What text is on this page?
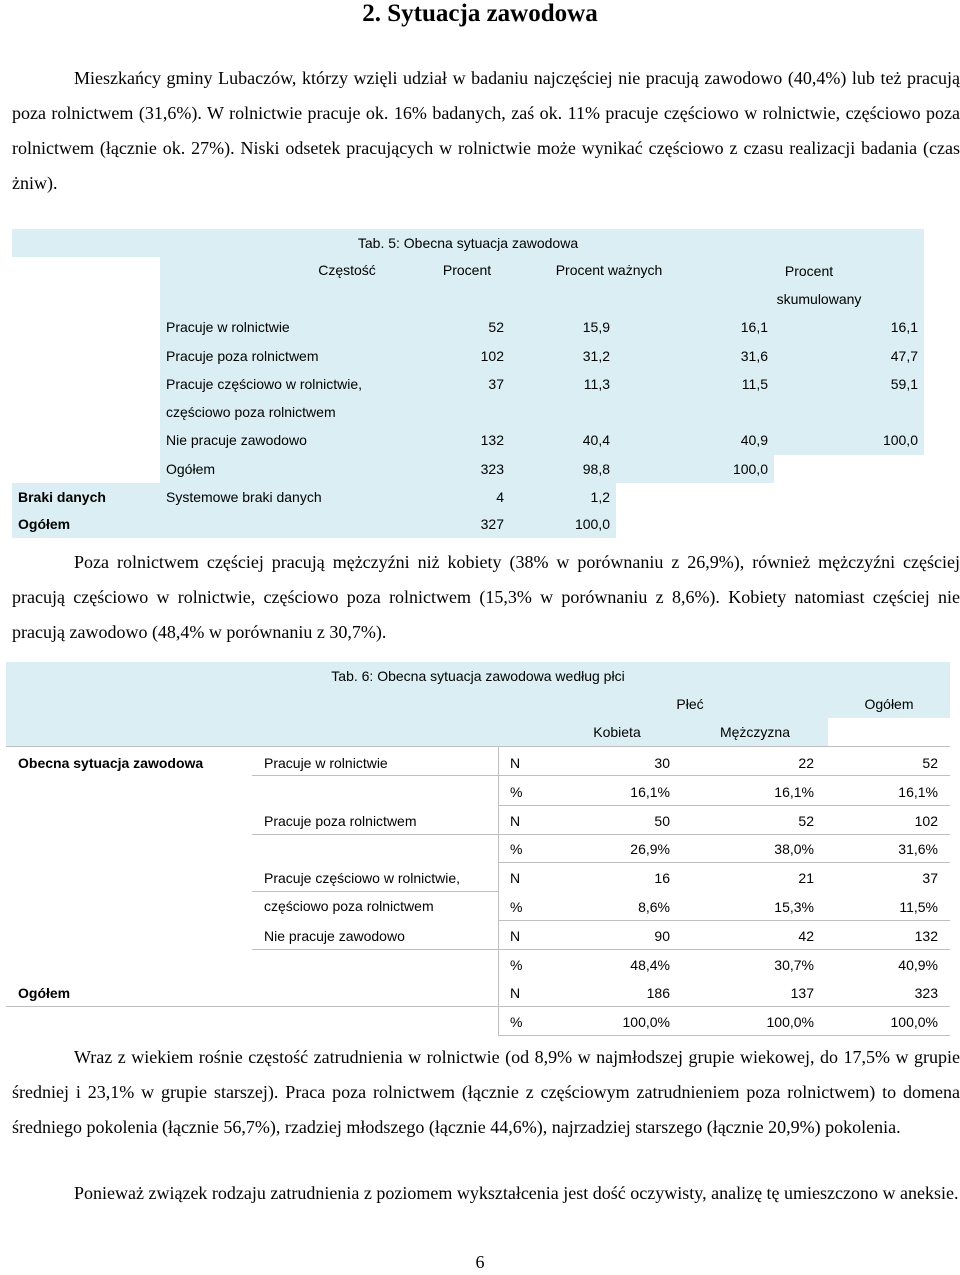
2. Sytuacja zawodowa

Mieszkańcy gminy Lubaczów, którzy wzięli udział w badaniu najczęściej nie pracują zawodowo (40,4%) lub też pracują poza rolnictwem (31,6%). W rolnictwie pracuje ok. 16% badanych, zaś ok. 11% pracuje częściowo w rolnictwie, częściowo poza rolnictwem (łącznie ok. 27%). Niski odsetek pracujących w rolnictwie może wynikać częściowo z czasu realizacji badania (czas żniw).

Tab. 5: Obecna sytuacja zawodowa
Częstość	Procent	Procent ważnych	Procent
skumulowany
Pracuje w rolnictwie	52	15,9	16,1	16,1
Pracuje poza rolnictwem	102	31,2	31,6	47,7
Pracuje częściowo w rolnictwie,
częściowo poza rolnictwem
37	11,3	11,5	59,1
Nie pracuje zawodowo	132	40,4	40,9	100,0
Ogółem	323	98,8	100,0
Braki danych	Systemowe braki danych	4	1,2
Ogółem	327	100,0

Poza rolnictwem częściej pracują mężczyźni niż kobiety (38% w porównaniu z 26,9%), również mężczyźni częściej pracują częściowo w rolnictwie, częściowo poza rolnictwem (15,3% w porównaniu z 8,6%). Kobiety natomiast częściej nie pracują zawodowo (48,4% w porównaniu z 30,7%).

Tab. 6: Obecna sytuacja zawodowa według płci
Płeć	Ogółem
Kobieta	Mężczyzna
Obecna sytuacja zawodowa	Pracuje w rolnictwie	N	30	22	52
%	16,1%	16,1%	16,1%
Pracuje poza rolnictwem	N	50	52	102
%	26,9%	38,0%	31,6%
Pracuje częściowo w rolnictwie,
częściowo poza rolnictwem
N	16	21	37
%	8,6%	15,3%	11,5%
Nie pracuje zawodowo	N	90	42	132
%	48,4%	30,7%	40,9%
Ogółem	N	186	137	323
%	100,0%	100,0%	100,0%

Wraz z wiekiem rośnie częstość zatrudnienia w rolnictwie (od 8,9% w najmłodszej grupie wiekowej, do 17,5% w grupie średniej i 23,1% w grupie starszej). Praca poza rolnictwem (łącznie z częściowym zatrudnieniem poza rolnictwem) to domena średniego pokolenia (łącznie 56,7%), rzadziej młodszego (łącznie 44,6%), najrzadziej starszego (łącznie 20,9%) pokolenia.

Ponieważ związek rodzaju zatrudnienia z poziomem wykształcenia jest dość oczywisty, analizę tę umieszczono w aneksie.

6
